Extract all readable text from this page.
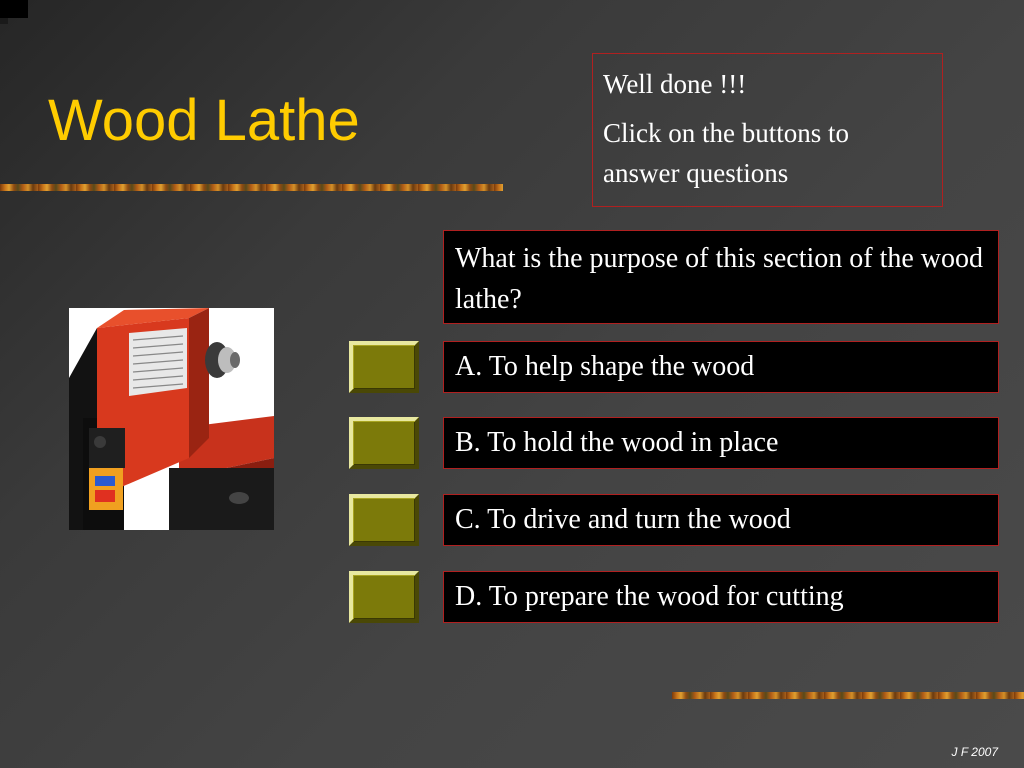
Wood Lathe

Well done !!!

Click on the buttons to answer questions

What is the purpose of this section of the wood lathe?
A. To help shape the wood
B. To hold the wood in place
C. To drive and turn the wood
D. To prepare the wood for cutting
J F 2007
